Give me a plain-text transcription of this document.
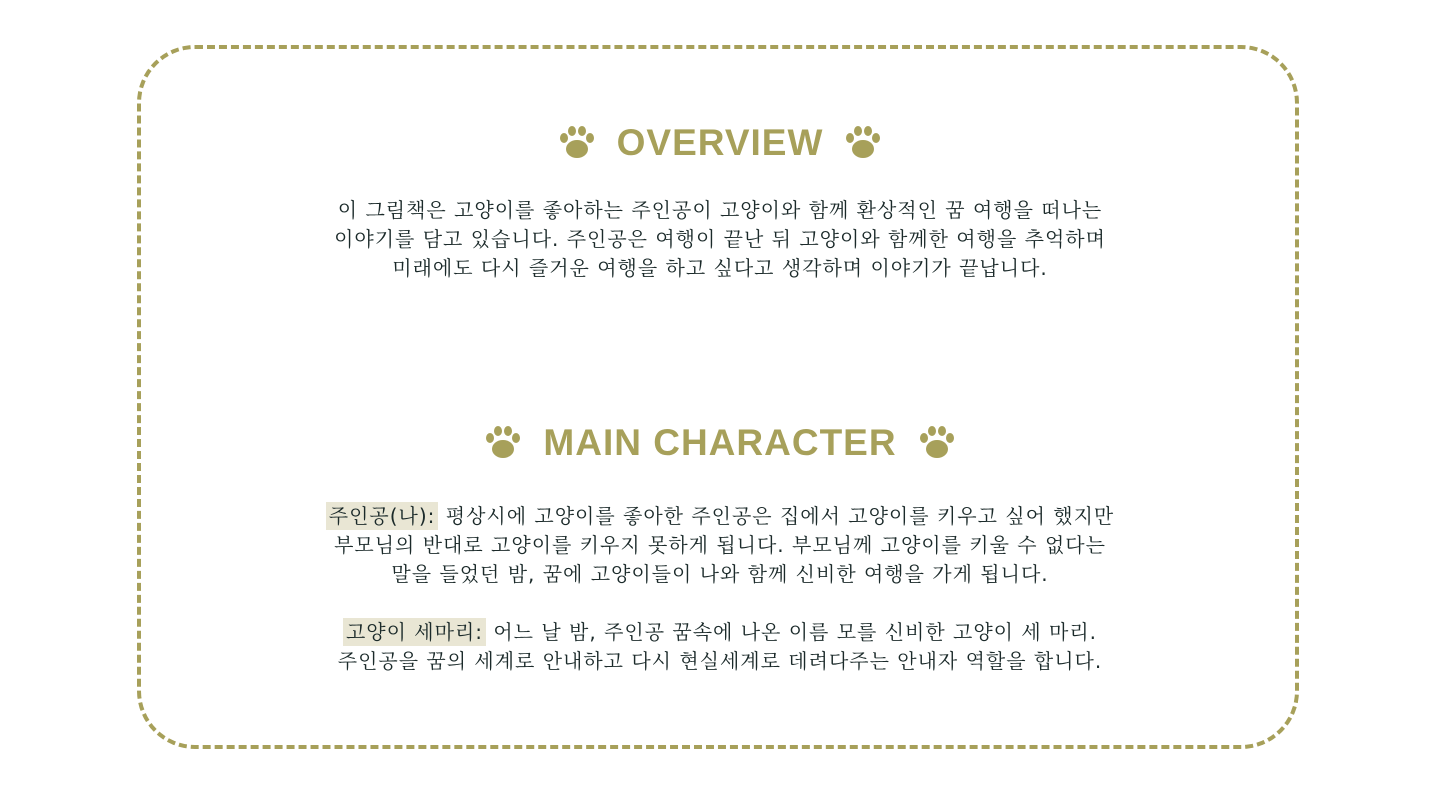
OVERVIEW

이 그림책은 고양이를 좋아하는 주인공이 고양이와 함께 환상적인 꿈 여행을 떠나는

이야기를 담고 있습니다. 주인공은 여행이 끝난 뒤 고양이와 함께한 여행을 추억하며

미래에도 다시 즐거운 여행을 하고 싶다고 생각하며 이야기가 끝납니다.

MAIN CHARACTER

주인공(나): 평상시에 고양이를 좋아한 주인공은 집에서 고양이를 키우고 싶어 했지만

부모님의 반대로 고양이를 키우지 못하게 됩니다. 부모님께 고양이를 키울 수 없다는

말을 들었던 밤, 꿈에 고양이들이 나와 함께 신비한 여행을 가게 됩니다.

고양이 세마리: 어느 날 밤, 주인공 꿈속에 나온 이름 모를 신비한 고양이 세 마리.

주인공을 꿈의 세계로 안내하고 다시 현실세계로 데려다주는 안내자 역할을 합니다.
